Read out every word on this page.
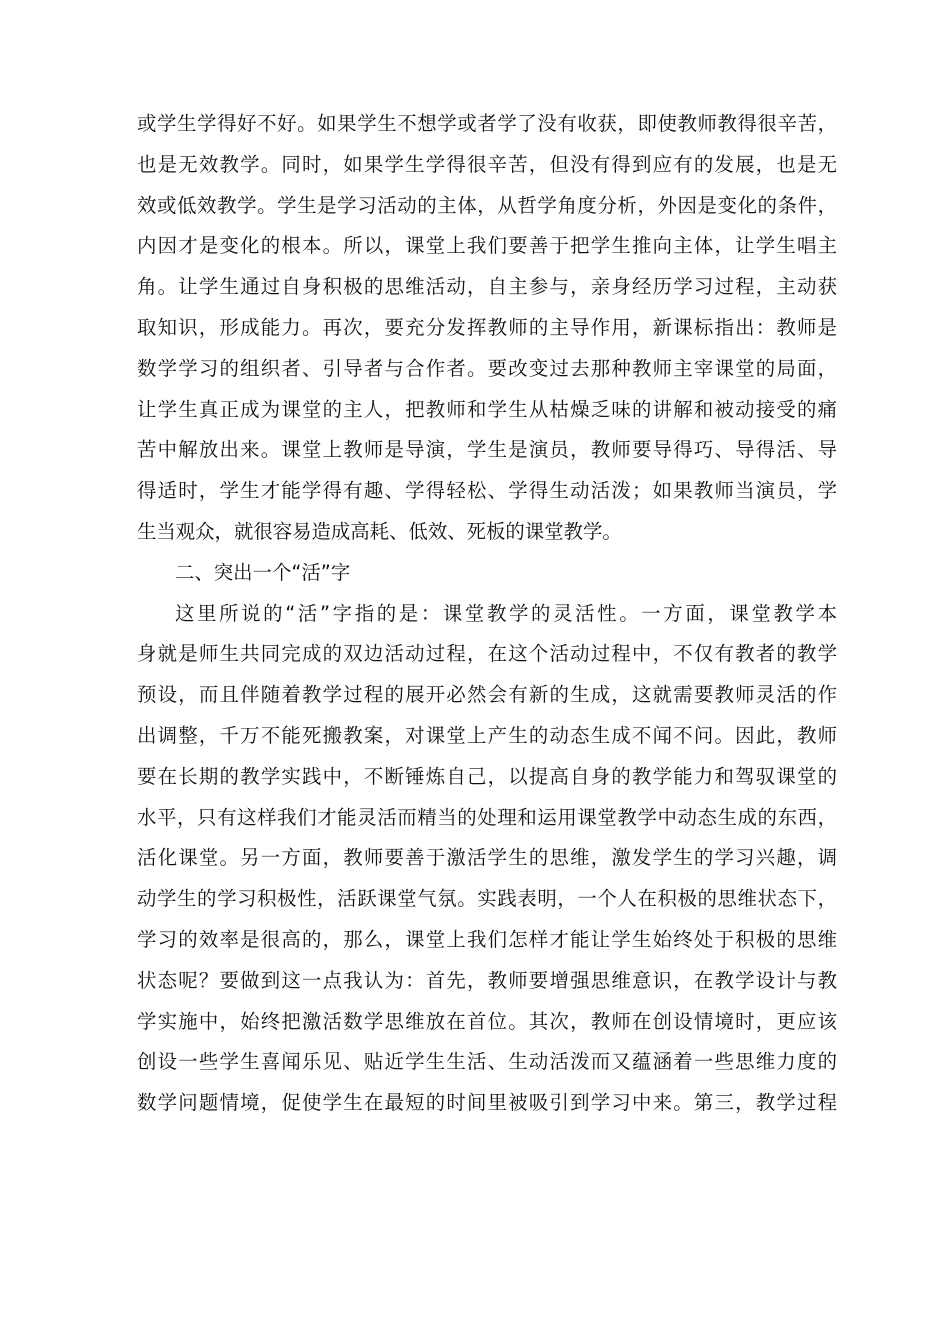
或学生学得好不好。如果学生不想学或者学了没有收获，即使教师教得很辛苦，
也是无效教学。同时，如果学生学得很辛苦，但没有得到应有的发展，也是无
效或低效教学。学生是学习活动的主体，从哲学角度分析，外因是变化的条件，
内因才是变化的根本。所以，课堂上我们要善于把学生推向主体，让学生唱主
角。让学生通过自身积极的思维活动，自主参与，亲身经历学习过程，主动获
取知识，形成能力。再次，要充分发挥教师的主导作用，新课标指出：教师是
数学学习的组织者、引导者与合作者。要改变过去那种教师主宰课堂的局面，
让学生真正成为课堂的主人，把教师和学生从枯燥乏味的讲解和被动接受的痛
苦中解放出来。课堂上教师是导演，学生是演员，教师要导得巧、导得活、导
得适时，学生才能学得有趣、学得轻松、学得生动活泼；如果教师当演员，学
生当观众，就很容易造成高耗、低效、死板的课堂教学。
二、突出一个“活”字
这里所说的“活”字指的是：课堂教学的灵活性。一方面，课堂教学本
身就是师生共同完成的双边活动过程，在这个活动过程中，不仅有教者的教学
预设，而且伴随着教学过程的展开必然会有新的生成，这就需要教师灵活的作
出调整，千万不能死搬教案，对课堂上产生的动态生成不闻不问。因此，教师
要在长期的教学实践中，不断锤炼自己，以提高自身的教学能力和驾驭课堂的
水平，只有这样我们才能灵活而精当的处理和运用课堂教学中动态生成的东西，
活化课堂。另一方面，教师要善于激活学生的思维，激发学生的学习兴趣，调
动学生的学习积极性，活跃课堂气氛。实践表明，一个人在积极的思维状态下，
学习的效率是很高的，那么，课堂上我们怎样才能让学生始终处于积极的思维
状态呢？要做到这一点我认为：首先，教师要增强思维意识，在教学设计与教
学实施中，始终把激活数学思维放在首位。其次，教师在创设情境时，更应该
创设一些学生喜闻乐见、贴近学生生活、生动活泼而又蕴涵着一些思维力度的
数学问题情境，促使学生在最短的时间里被吸引到学习中来。第三，教学过程
